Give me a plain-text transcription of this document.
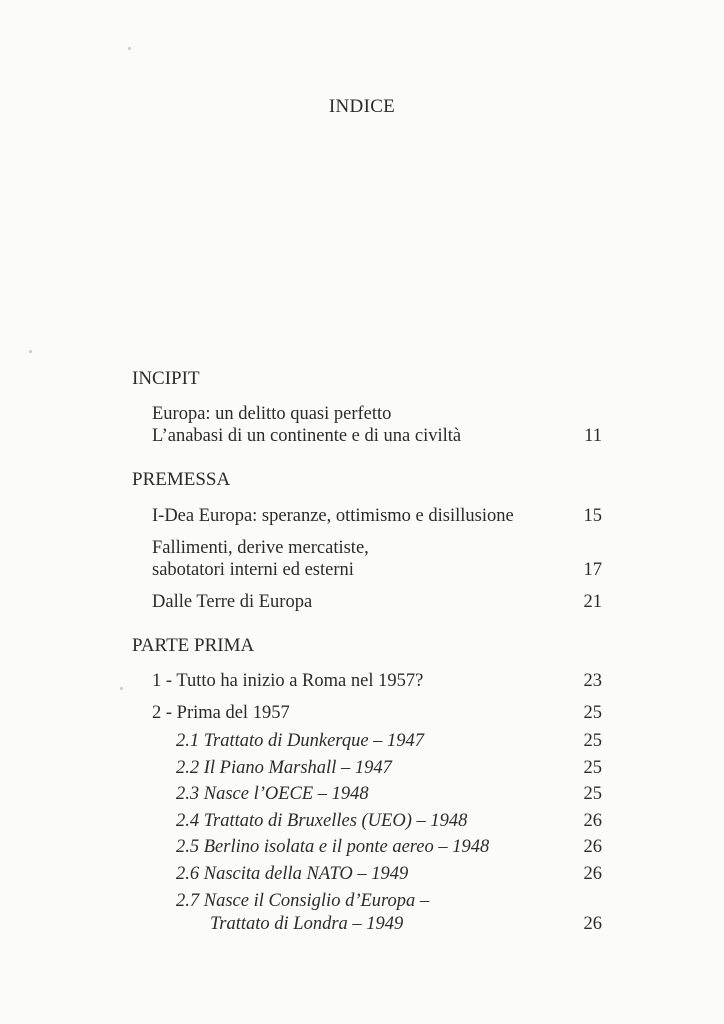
INDICE
INCIPIT
Europa: un delitto quasi perfetto
L’anabasi di un continente e di una civiltà	11
PREMESSA
I-Dea Europa: speranze, ottimismo e disillusione	15
Fallimenti, derive mercatiste,
sabotatori interni ed esterni	17
Dalle Terre di Europa	21
PARTE PRIMA
1 - Tutto ha inizio a Roma nel 1957?	23
2 - Prima del 1957	25
2.1 Trattato di Dunkerque – 1947	25
2.2 Il Piano Marshall – 1947	25
2.3 Nasce l’OECE – 1948	25
2.4 Trattato di Bruxelles (UEO) – 1948	26
2.5 Berlino isolata e il ponte aereo – 1948	26
2.6 Nascita della NATO – 1949	26
2.7 Nasce il Consiglio d’Europa –
Trattato di Londra – 1949	26
